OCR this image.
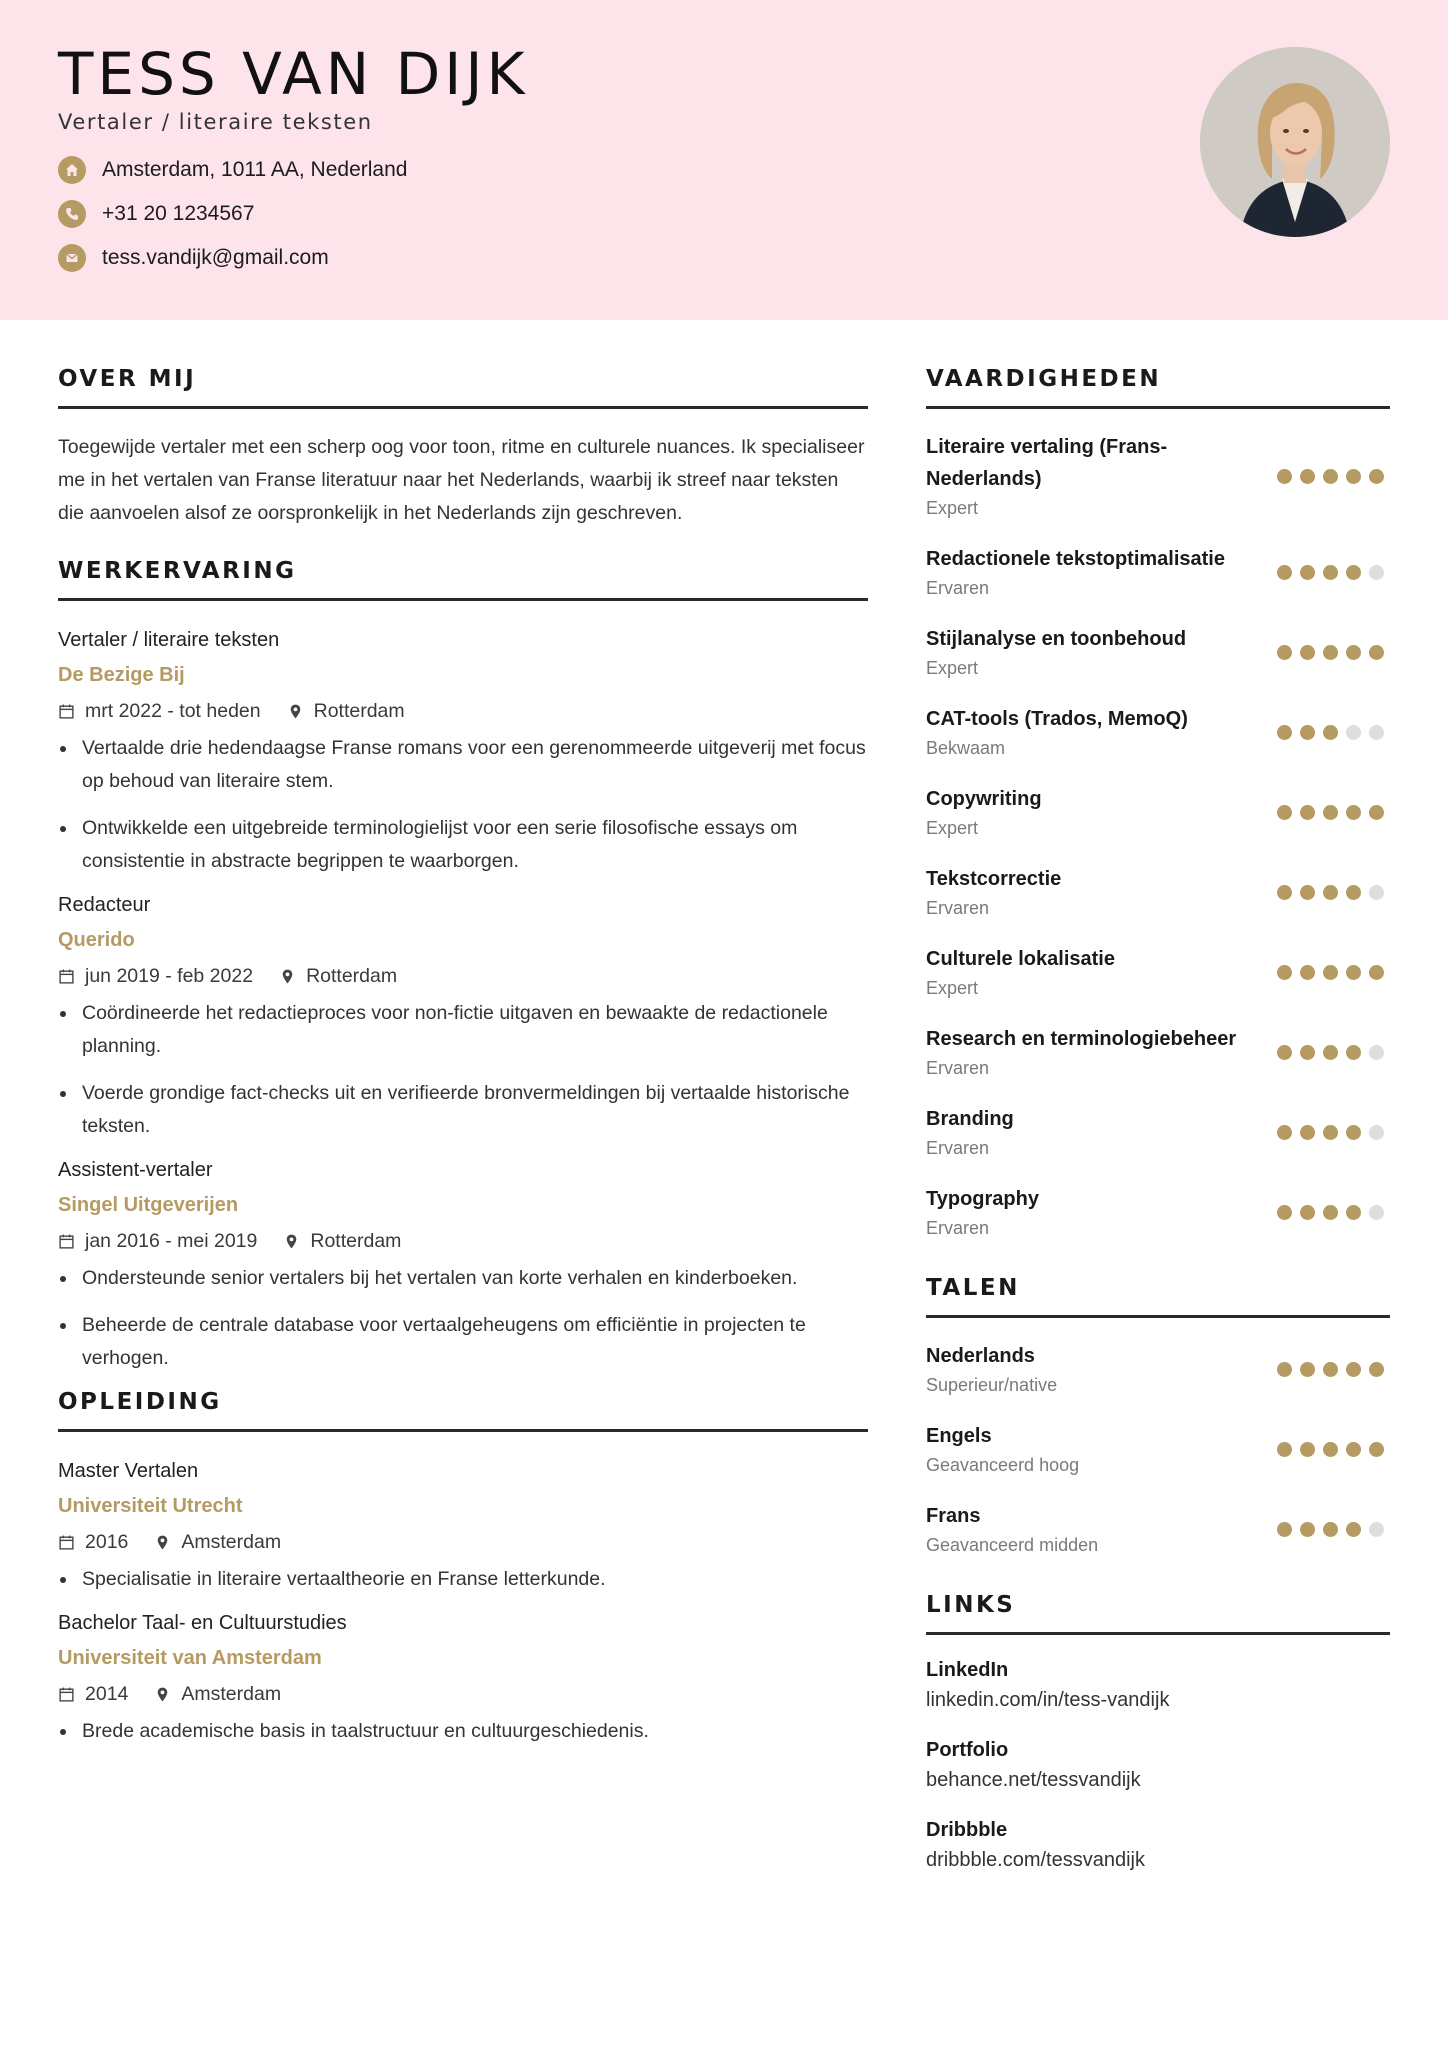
TESS VAN DIJK
Vertaler / literaire teksten
Amsterdam, 1011 AA, Nederland
+31 20 1234567
tess.vandijk@gmail.com
OVER MIJ

Toegewijde vertaler met een scherp oog voor toon, ritme en culturele nuances. Ik specialiseer me in het vertalen van Franse literatuur naar het Nederlands, waarbij ik streef naar teksten die aanvoelen alsof ze oorspronkelijk in het Nederlands zijn geschreven.

WERKERVARING
Vertaler / literaire teksten
De Bezige Bij
mrt 2022 - tot heden	Rotterdam
Vertaalde drie hedendaagse Franse romans voor een gerenommeerde uitgeverij met focus op behoud van literaire stem.
Ontwikkelde een uitgebreide terminologielijst voor een serie filosofische essays om consistentie in abstracte begrippen te waarborgen.
Redacteur
Querido
jun 2019 - feb 2022	Rotterdam
Coördineerde het redactieproces voor non-fictie uitgaven en bewaakte de redactionele planning.
Voerde grondige fact-checks uit en verifieerde bronvermeldingen bij vertaalde historische teksten.
Assistent-vertaler
Singel Uitgeverijen
jan 2016 - mei 2019	Rotterdam
Ondersteunde senior vertalers bij het vertalen van korte verhalen en kinderboeken.
Beheerde de centrale database voor vertaalgeheugens om efficiëntie in projecten te verhogen.
OPLEIDING
Master Vertalen
Universiteit Utrecht
2016	Amsterdam
Specialisatie in literaire vertaaltheorie en Franse letterkunde.
Bachelor Taal- en Cultuurstudies
Universiteit van Amsterdam
2014	Amsterdam
Brede academische basis in taalstructuur en cultuurgeschiedenis.
VAARDIGHEDEN
Literaire vertaling (Frans-Nederlands)
Expert
Redactionele tekstoptimalisatie
Ervaren
Stijlanalyse en toonbehoud
Expert
CAT-tools (Trados, MemoQ)
Bekwaam
Copywriting
Expert
Tekstcorrectie
Ervaren
Culturele lokalisatie
Expert
Research en terminologiebeheer
Ervaren
Branding
Ervaren
Typography
Ervaren
TALEN
Nederlands
Superieur/native
Engels
Geavanceerd hoog
Frans
Geavanceerd midden
LINKS
LinkedIn
linkedin.com/in/tess-vandijk
Portfolio
behance.net/tessvandijk
Dribbble
dribbble.com/tessvandijk
